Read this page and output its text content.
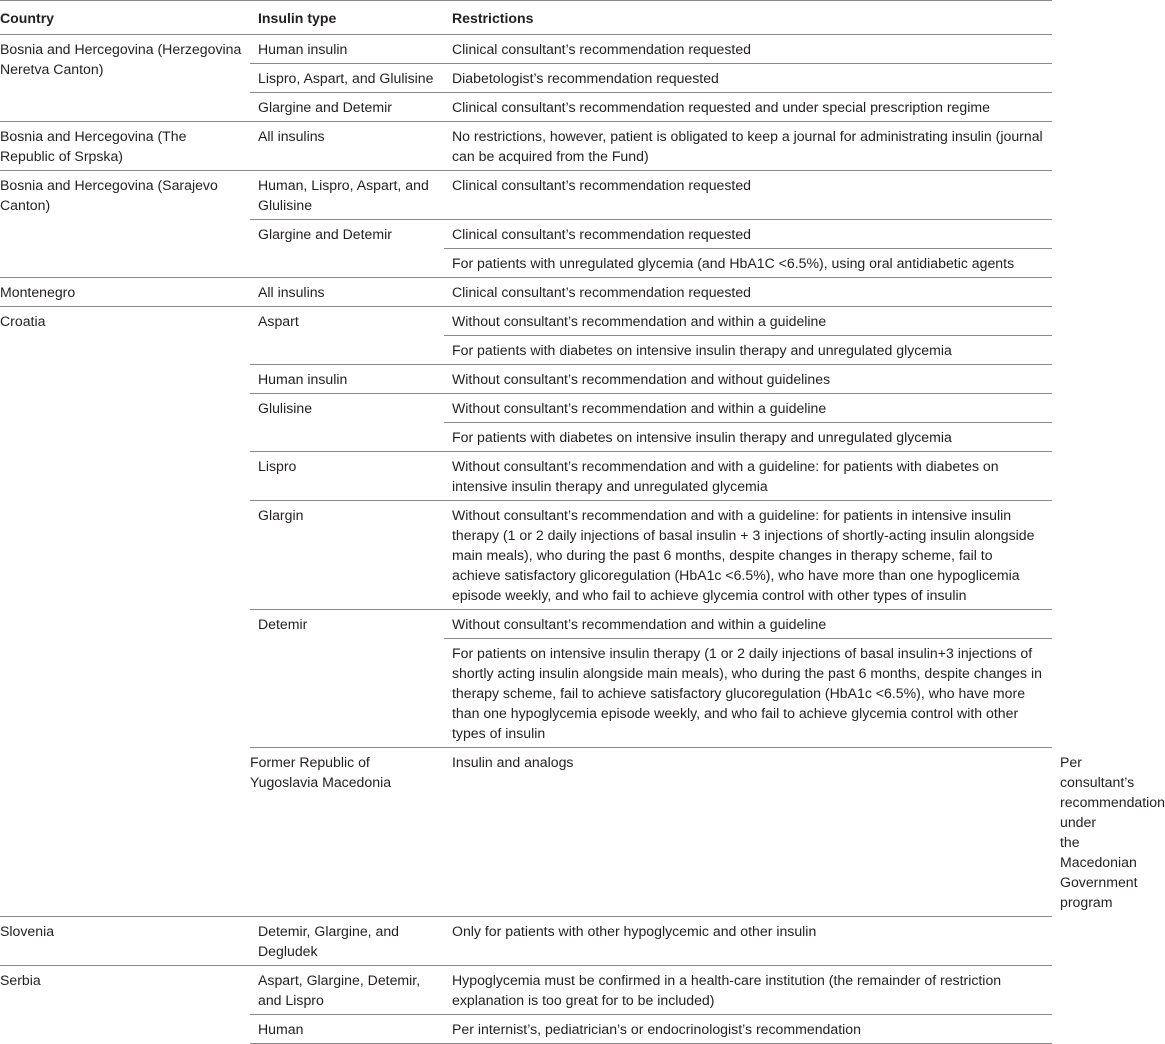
Country	Insulin type	Restrictions	
Bosnia and Hercegovina (Herzegovina Neretva Canton)	Human insulin	Clinical consultant’s recommendation requested	
	Lispro, Aspart, and Glulisine	Diabetologist’s recommendation requested	
	Glargine and Detemir	Clinical consultant’s recommendation requested and under special prescription regime	
Bosnia and Hercegovina (The Republic of Srpska)	All insulins	No restrictions, however, patient is obligated to keep a journal for administrating insulin (journal can be acquired from the Fund)	
Bosnia and Hercegovina (Sarajevo Canton)	Human, Lispro, Aspart, and Glulisine	Clinical consultant’s recommendation requested	
	Glargine and Detemir	Clinical consultant’s recommendation requested	
		For patients with unregulated glycemia (and HbA1C <6.5%), using oral antidiabetic agents	
Montenegro	All insulins	Clinical consultant’s recommendation requested	
Croatia	Aspart	Without consultant’s recommendation and within a guideline	
		For patients with diabetes on intensive insulin therapy and unregulated glycemia	
	Human insulin	Without consultant’s recommendation and without guidelines	
	Glulisine	Without consultant’s recommendation and within a guideline	
		For patients with diabetes on intensive insulin therapy and unregulated glycemia	
	Lispro	Without consultant’s recommendation and with a guideline: for patients with diabetes on intensive insulin therapy and unregulated glycemia	
	Glargin	Without consultant’s recommendation and with a guideline: for patients in intensive insulin therapy (1 or 2 daily injections of basal insulin + 3 injections of shortly-acting insulin alongside main meals), who during the past 6 months, despite changes in therapy scheme, fail to achieve satisfactory glicoregulation (HbA1c <6.5%), who have more than one hypoglicemia episode weekly, and who fail to achieve glycemia control with other types of insulin	
	Detemir	Without consultant’s recommendation and within a guideline	
		For patients on intensive insulin therapy (1 or 2 daily injections of basal insulin+3 injections of shortly acting insulin alongside main meals), who during the past 6 months, despite changes in therapy scheme, fail to achieve satisfactory glucoregulation (HbA1c <6.5%), who have more than one hypoglycemia episode weekly, and who fail to achieve glycemia control with other types of insulin	
	Former Republic of Yugoslavia Macedonia	Insulin and analogs	Per consultant’s recommendation under the Macedonian Government program
Slovenia	Detemir, Glargine, and Degludek	Only for patients with other hypoglycemic and other insulin	
Serbia	Aspart, Glargine, Detemir, and Lispro	Hypoglycemia must be confirmed in a health-care institution (the remainder of restriction explanation is too great for to be included)	
	Human	Per internist’s, pediatrician’s or endocrinologist’s recommendation	
